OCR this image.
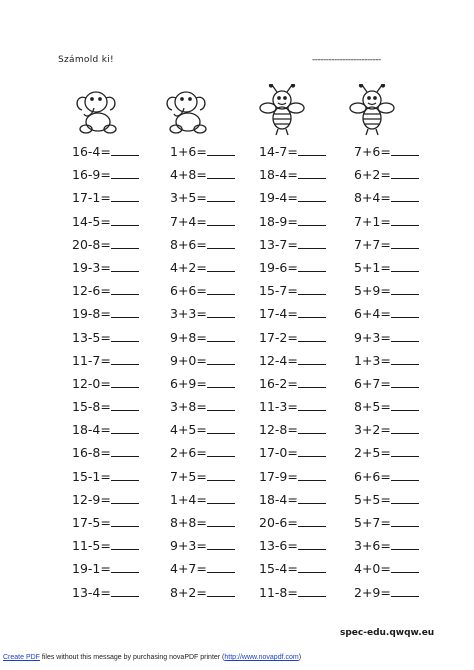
Számold ki!	-------------------------
16-4=
16-9=
17-1=
14-5=
20-8=
19-3=
12-6=
19-8=
13-5=
11-7=
12-0=
15-8=
18-4=
16-8=
15-1=
12-9=
17-5=
11-5=
19-1=
13-4=
1+6=
4+8=
3+5=
7+4=
8+6=
4+2=
6+6=
3+3=
9+8=
9+0=
6+9=
3+8=
4+5=
2+6=
7+5=
1+4=
8+8=
9+3=
4+7=
8+2=
14-7=
18-4=
19-4=
18-9=
13-7=
19-6=
15-7=
17-4=
17-2=
12-4=
16-2=
11-3=
12-8=
17-0=
17-9=
18-4=
20-6=
13-6=
15-4=
11-8=
7+6=
6+2=
8+4=
7+1=
7+7=
5+1=
5+9=
6+4=
9+3=
1+3=
6+7=
8+5=
3+2=
2+5=
6+6=
5+5=
5+7=
3+6=
4+0=
2+9=
spec-edu.qwqw.eu
Create PDF files without this message by purchasing novaPDF printer (http://www.novapdf.com)
